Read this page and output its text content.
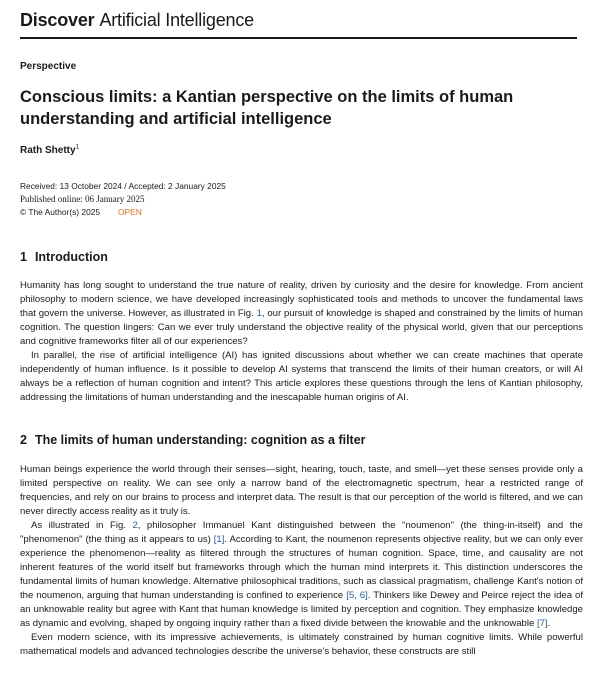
Discover Artificial Intelligence
Perspective
Conscious limits: a Kantian perspective on the limits of human understanding and artificial intelligence
Rath Shetty$^1$
Received: 13 October 2024 / Accepted: 2 January 2025
Published online: 06 January 2025
© The Author(s) 2025 OPEN
1 Introduction

Humanity has long sought to understand the true nature of reality, driven by curiosity and the desire for knowledge. From ancient philosophy to modern science, we have developed increasingly sophisticated tools and methods to uncover the fundamental laws that govern the universe. However, as illustrated in Fig. 1, our pursuit of knowledge is shaped and constrained by the limits of human cognition. The question lingers: Can we ever truly understand the objective reality of the physical world, given that our perceptions and cognitive frameworks filter all of our experiences?

In parallel, the rise of artificial intelligence (AI) has ignited discussions about whether we can create machines that operate independently of human influence. Is it possible to develop AI systems that transcend the limits of their human creators, or will AI always be a reflection of human cognition and intent? This article explores these questions through the lens of Kantian philosophy, addressing the limitations of human understanding and the inescapable human origins of AI.

2 The limits of human understanding: cognition as a filter

Human beings experience the world through their senses—sight, hearing, touch, taste, and smell—yet these senses provide only a limited perspective on reality. We can see only a narrow band of the electromagnetic spectrum, hear a restricted range of frequencies, and rely on our brains to process and interpret data. The result is that our perception of the world is filtered, and we can never directly access reality as it truly is.

As illustrated in Fig. 2, philosopher Immanuel Kant distinguished between the "noumenon" (the thing-in-itself) and the "phenomenon" (the thing as it appears to us) [1]. According to Kant, the noumenon represents objective reality, but we can only ever experience the phenomenon—reality as filtered through the structures of human cognition. Space, time, and causality are not inherent features of the world itself but frameworks through which the human mind interprets it. This distinction underscores the fundamental limits of human knowledge. Alternative philosophical traditions, such as classical pragmatism, challenge Kant's notion of the noumenon, arguing that human understanding is confined to experience [5, 6]. Thinkers like Dewey and Peirce reject the idea of an unknowable reality but agree with Kant that human knowledge is limited by perception and cognition. They emphasize knowledge as dynamic and evolving, shaped by ongoing inquiry rather than a fixed divide between the knowable and the unknowable [7].

Even modern science, with its impressive achievements, is ultimately constrained by human cognitive limits. While powerful mathematical models and advanced technologies describe the universe's behavior, these constructs are still
